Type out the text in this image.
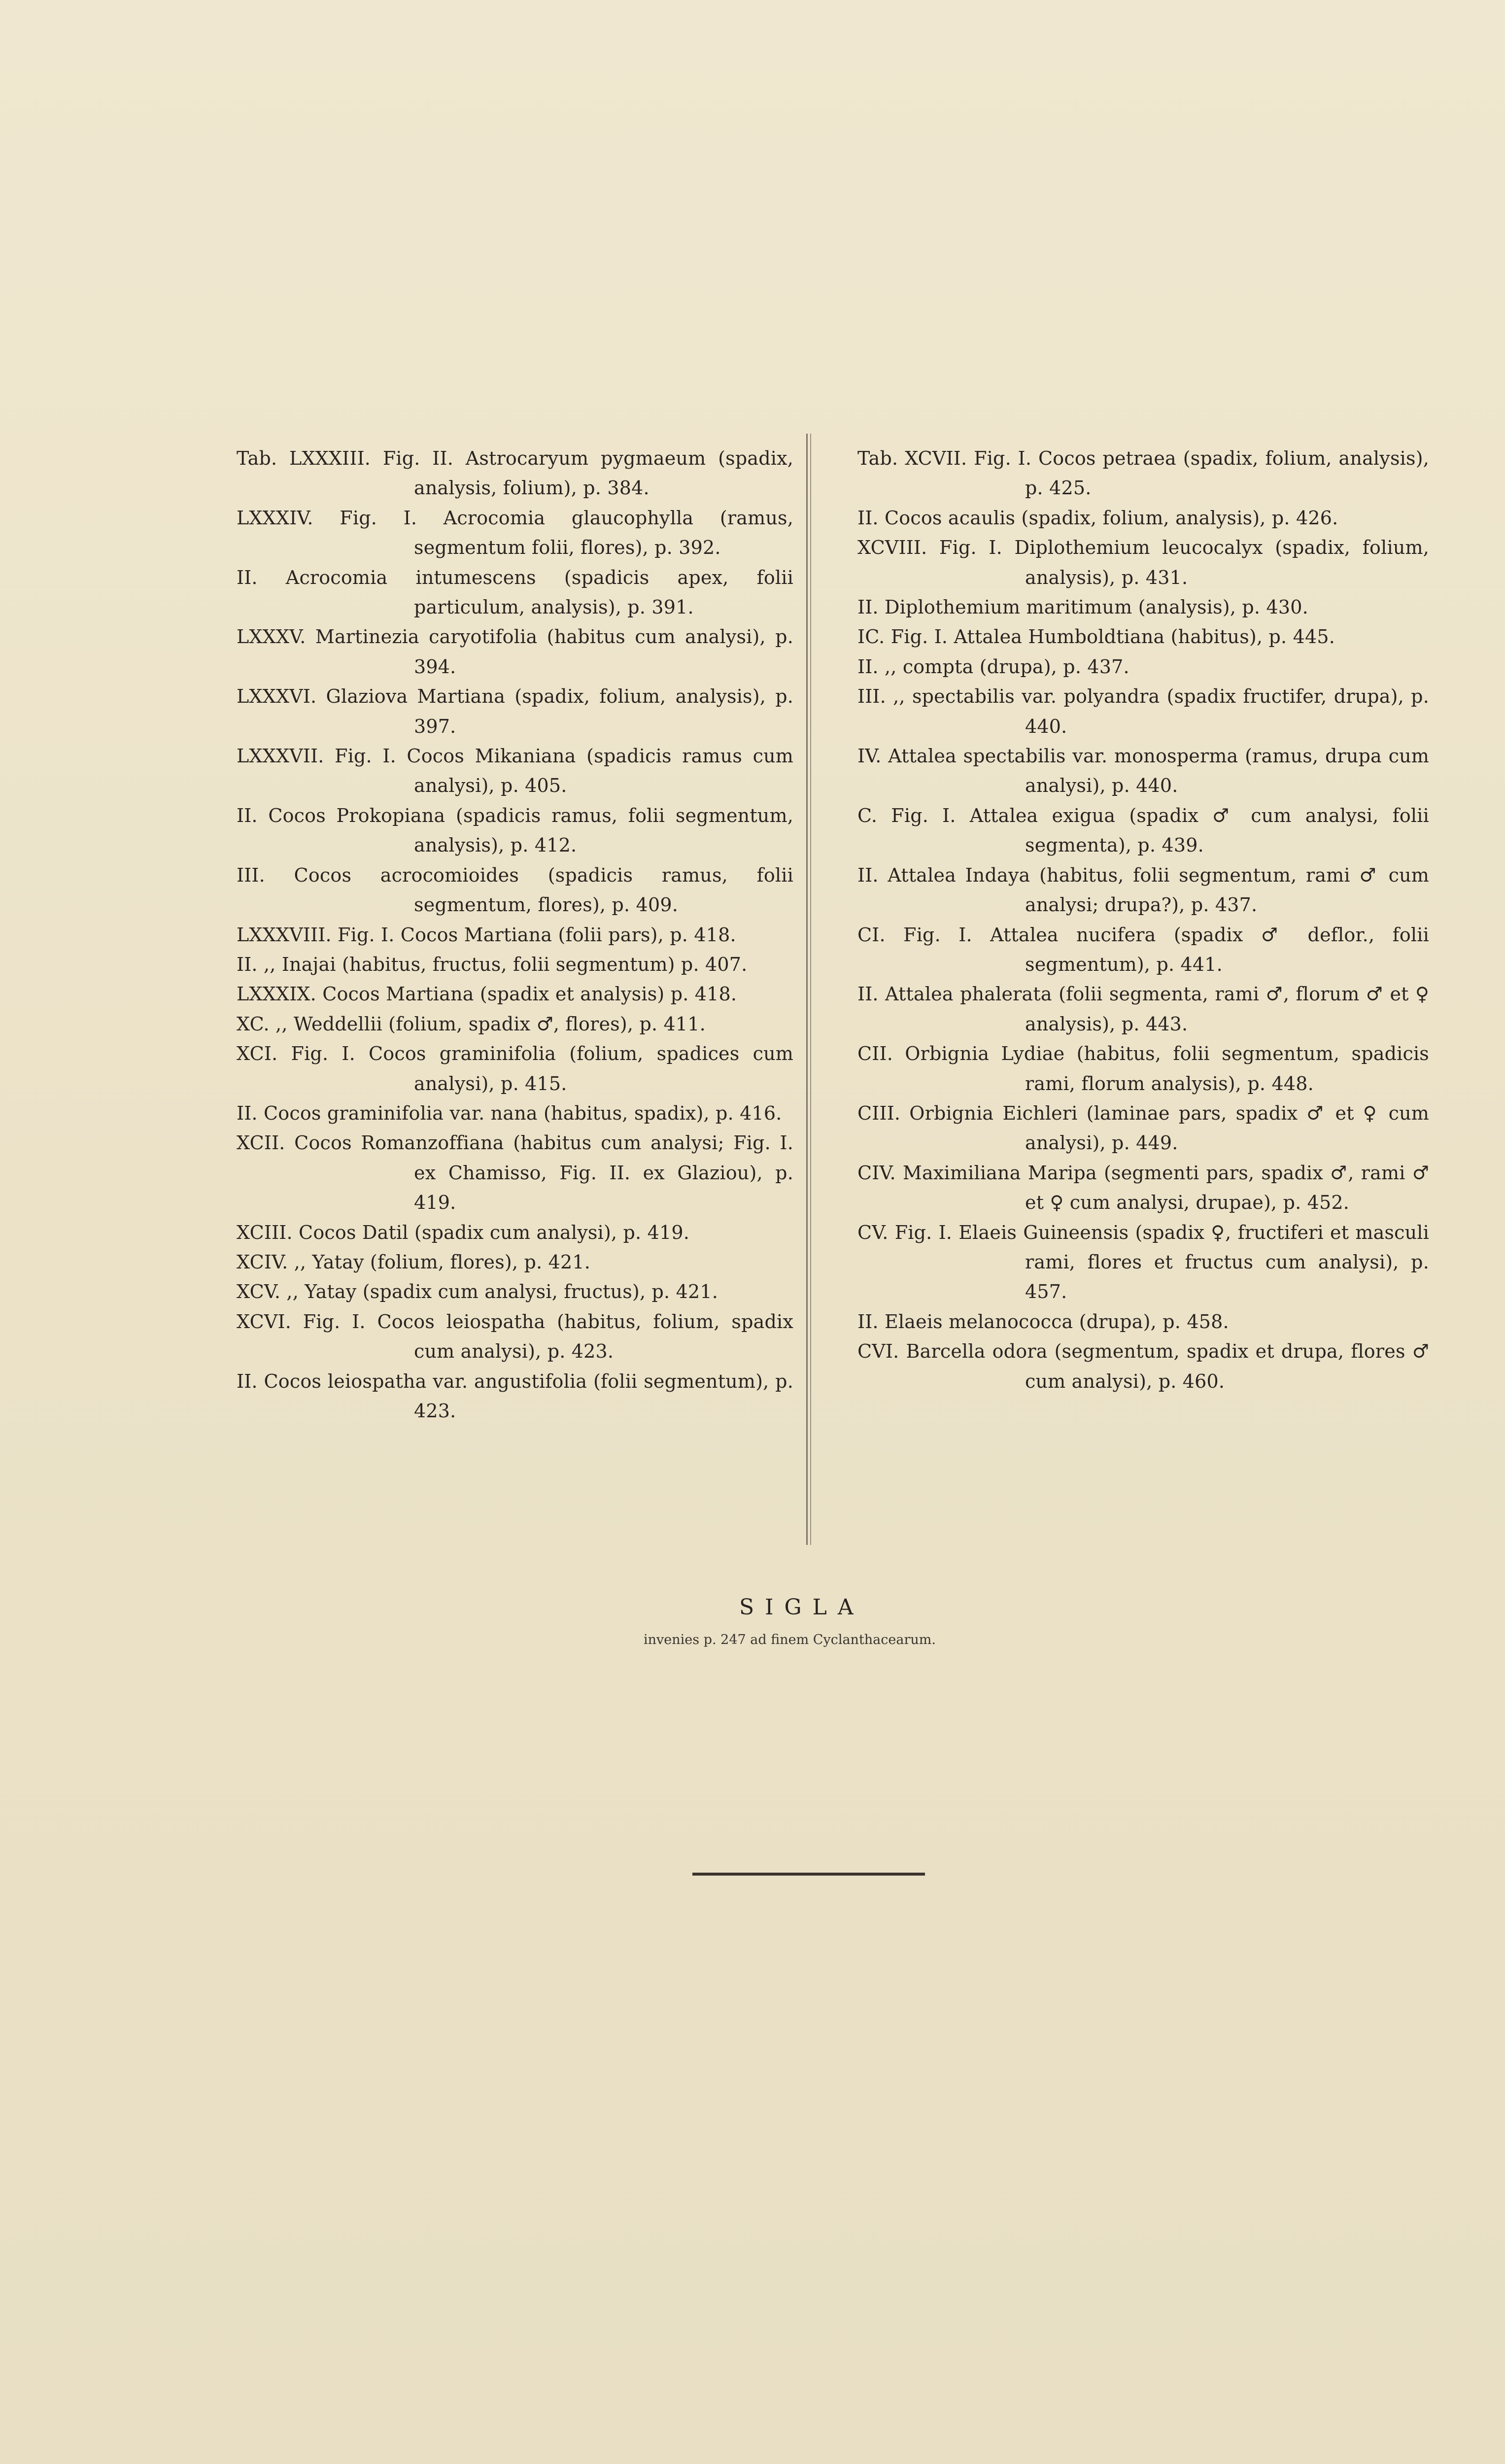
Tab. LXXXIII. Fig. II. Astrocaryum pygmaeum (spadix, analysis, folium), p. 384.

LXXXIV. Fig. I. Acrocomia glaucophylla (ramus, segmentum folii, flores), p. 392.

II. Acrocomia intumescens (spadicis apex, folii particulum, analysis), p. 391.

LXXXV. Martinezia caryotifolia (habitus cum analysi), p. 394.

LXXXVI. Glaziova Martiana (spadix, folium, analysis), p. 397.

LXXXVII. Fig. I. Cocos Mikaniana (spadicis ramus cum analysi), p. 405.

II. Cocos Prokopiana (spadicis ramus, folii segmentum, analysis), p. 412.

III. Cocos acrocomioides (spadicis ramus, folii segmentum, flores), p. 409.

LXXXVIII. Fig. I. Cocos Martiana (folii pars), p. 418.

II. ,, Inajai (habitus, fructus, folii segmentum) p. 407.

LXXXIX. Cocos Martiana (spadix et analysis) p. 418.

XC. ,, Weddellii (folium, spadix ♂, flores), p. 411.

XCI. Fig. I. Cocos graminifolia (folium, spadices cum analysi), p. 415.

II. Cocos graminifolia var. nana (habitus, spadix), p. 416.

XCII. Cocos Romanzoffiana (habitus cum analysi; Fig. I. ex Chamisso, Fig. II. ex Glaziou), p. 419.

XCIII. Cocos Datil (spadix cum analysi), p. 419.

XCIV. ,, Yatay (folium, flores), p. 421.

XCV. ,, Yatay (spadix cum analysi, fructus), p. 421.

XCVI. Fig. I. Cocos leiospatha (habitus, folium, spadix cum analysi), p. 423.

II. Cocos leiospatha var. angustifolia (folii segmentum), p. 423.

Tab. XCVII. Fig. I. Cocos petraea (spadix, folium, analysis), p. 425.

II. Cocos acaulis (spadix, folium, analysis), p. 426.

XCVIII. Fig. I. Diplothemium leucocalyx (spadix, folium, analysis), p. 431.

II. Diplothemium maritimum (analysis), p. 430.

IC. Fig. I. Attalea Humboldtiana (habitus), p. 445.

II. ,, compta (drupa), p. 437.

III. ,, spectabilis var. polyandra (spadix fructifer, drupa), p. 440.

IV. Attalea spectabilis var. monosperma (ramus, drupa cum analysi), p. 440.

C. Fig. I. Attalea exigua (spadix ♂ cum analysi, folii segmenta), p. 439.

II. Attalea Indaya (habitus, folii segmentum, rami ♂ cum analysi; drupa?), p. 437.

CI. Fig. I. Attalea nucifera (spadix ♂ deflor., folii segmentum), p. 441.

II. Attalea phalerata (folii segmenta, rami ♂, florum ♂ et ♀ analysis), p. 443.

CII. Orbignia Lydiae (habitus, folii segmentum, spadicis rami, florum analysis), p. 448.

CIII. Orbignia Eichleri (laminae pars, spadix ♂ et ♀ cum analysi), p. 449.

CIV. Maximiliana Maripa (segmenti pars, spadix ♂, rami ♂ et ♀ cum analysi, drupae), p. 452.

CV. Fig. I. Elaeis Guineensis (spadix ♀, fructiferi et masculi rami, flores et fructus cum analysi), p. 457.

II. Elaeis melanococca (drupa), p. 458.

CVI. Barcella odora (segmentum, spadix et drupa, flores ♂ cum analysi), p. 460.

SIGLA
invenies p. 247 ad finem Cyclanthacearum.
